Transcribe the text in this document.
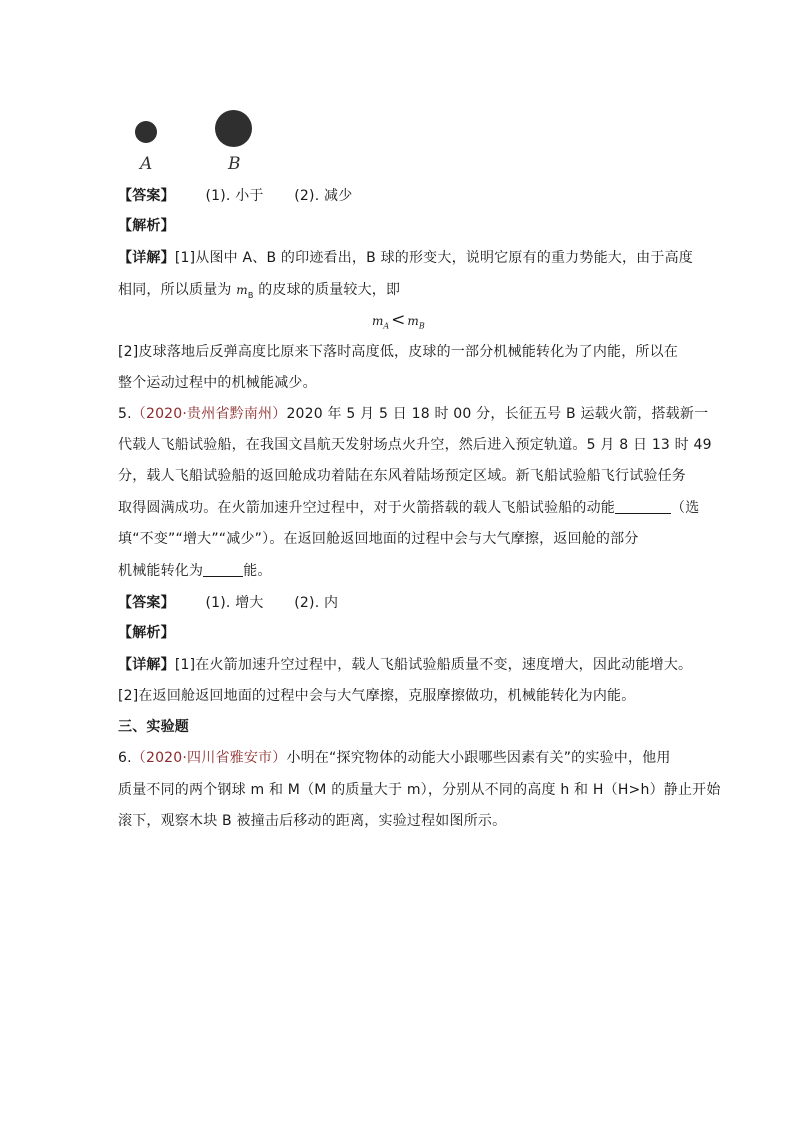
A	B
【答案】 (1). 小于 (2). 减少
【解析】
【详解】[1]从图中 A、B 的印迹看出，B 球的形变大，说明它原有的重力势能大，由于高度
相同，所以质量为 $m_B$ 的皮球的质量较大，即
$m_A < m_B$
[2]皮球落地后反弹高度比原来下落时高度低，皮球的一部分机械能转化为了内能，所以在
整个运动过程中的机械能减少。
5.（2020·贵州省黔南州）2020 年 5 月 5 日 18 时 00 分，长征五号 B 运载火箭，搭载新一
代载人飞船试验船，在我国文昌航天发射场点火升空，然后进入预定轨道。5 月 8 日 13 时 49
分，载人飞船试验船的返回舱成功着陆在东风着陆场预定区域。新飞船试验船飞行试验任务
取得圆满成功。在火箭加速升空过程中，对于火箭搭载的载人飞船试验船的动能	（选
填“不变”“增大”“减少”）。在返回舱返回地面的过程中会与大气摩擦，返回舱的部分
机械能转化为	能。
【答案】 (1). 增大 (2). 内
【解析】
【详解】[1]在火箭加速升空过程中，载人飞船试验船质量不变，速度增大，因此动能增大。
[2]在返回舱返回地面的过程中会与大气摩擦，克服摩擦做功，机械能转化为内能。
三、实验题
6.（2020·四川省雅安市）小明在“探究物体的动能大小跟哪些因素有关”的实验中，他用
质量不同的两个钢球 m 和 M（M 的质量大于 m），分别从不同的高度 h 和 H（H>h）静止开始
滚下，观察木块 B 被撞击后移动的距离，实验过程如图所示。
